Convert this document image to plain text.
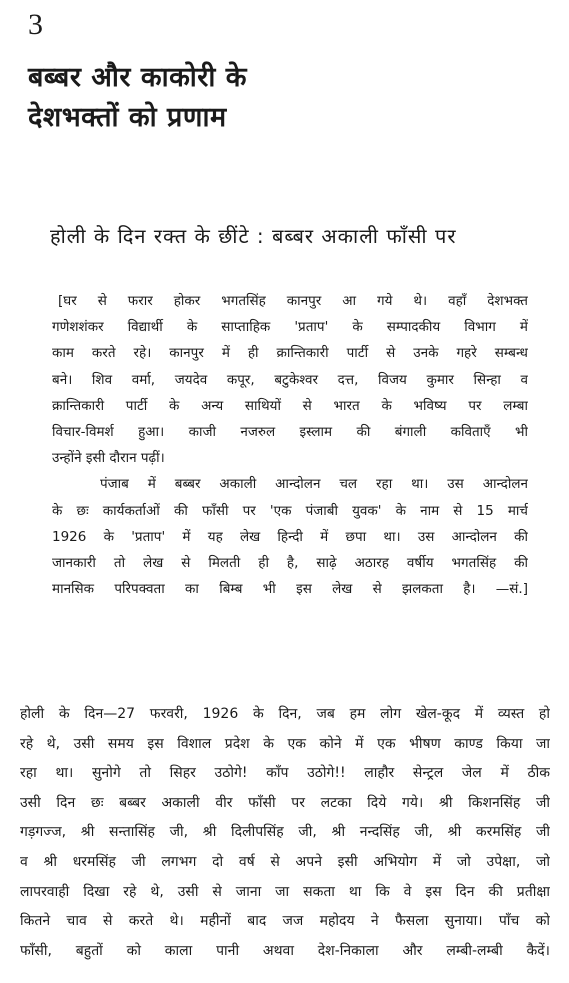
3
बब्बर और काकोरी के
देशभक्तों को प्रणाम
होली के दिन रक्त के छींटे : बब्बर अकाली फाँसी पर
[घर से फरार होकर भगतसिंह कानपुर आ गये थे। वहाँ देशभक्त
गणेशशंकर विद्यार्थी के साप्ताहिक 'प्रताप' के सम्पादकीय विभाग में
काम करते रहे। कानपुर में ही क्रान्तिकारी पार्टी से उनके गहरे सम्बन्ध
बने। शिव वर्मा, जयदेव कपूर, बटुकेश्वर दत्त, विजय कुमार सिन्हा व
क्रान्तिकारी पार्टी के अन्य साथियों से भारत के भविष्य पर लम्बा
विचार-विमर्श हुआ। काजी नजरुल इस्लाम की बंगाली कविताएँ भी
उन्होंने इसी दौरान पढ़ीं।
पंजाब में बब्बर अकाली आन्दोलन चल रहा था। उस आन्दोलन
के छः कार्यकर्ताओं की फाँसी पर 'एक पंजाबी युवक' के नाम से 15 मार्च
1926 के 'प्रताप' में यह लेख हिन्दी में छपा था। उस आन्दोलन की
जानकारी तो लेख से मिलती ही है, साढ़े अठारह वर्षीय भगतसिंह की
मानसिक परिपक्वता का बिम्ब भी इस लेख से झलकता है। —सं.]
होली के दिन—27 फरवरी, 1926 के दिन, जब हम लोग खेल-कूद में व्यस्त हो
रहे थे, उसी समय इस विशाल प्रदेश के एक कोने में एक भीषण काण्ड किया जा
रहा था। सुनोगे तो सिहर उठोगे! काँप उठोगे!! लाहौर सेन्ट्रल जेल में ठीक
उसी दिन छः बब्बर अकाली वीर फाँसी पर लटका दिये गये। श्री किशनसिंह जी
गड़गज्ज, श्री सन्तासिंह जी, श्री दिलीपसिंह जी, श्री नन्दसिंह जी, श्री करमसिंह जी
व श्री धरमसिंह जी लगभग दो वर्ष से अपने इसी अभियोग में जो उपेक्षा, जो
लापरवाही दिखा रहे थे, उसी से जाना जा सकता था कि वे इस दिन की प्रतीक्षा
कितने चाव से करते थे। महीनों बाद जज महोदय ने फैसला सुनाया। पाँच को
फाँसी, बहुतों को काला पानी अथवा देश-निकाला और लम्बी-लम्बी कैदें।
